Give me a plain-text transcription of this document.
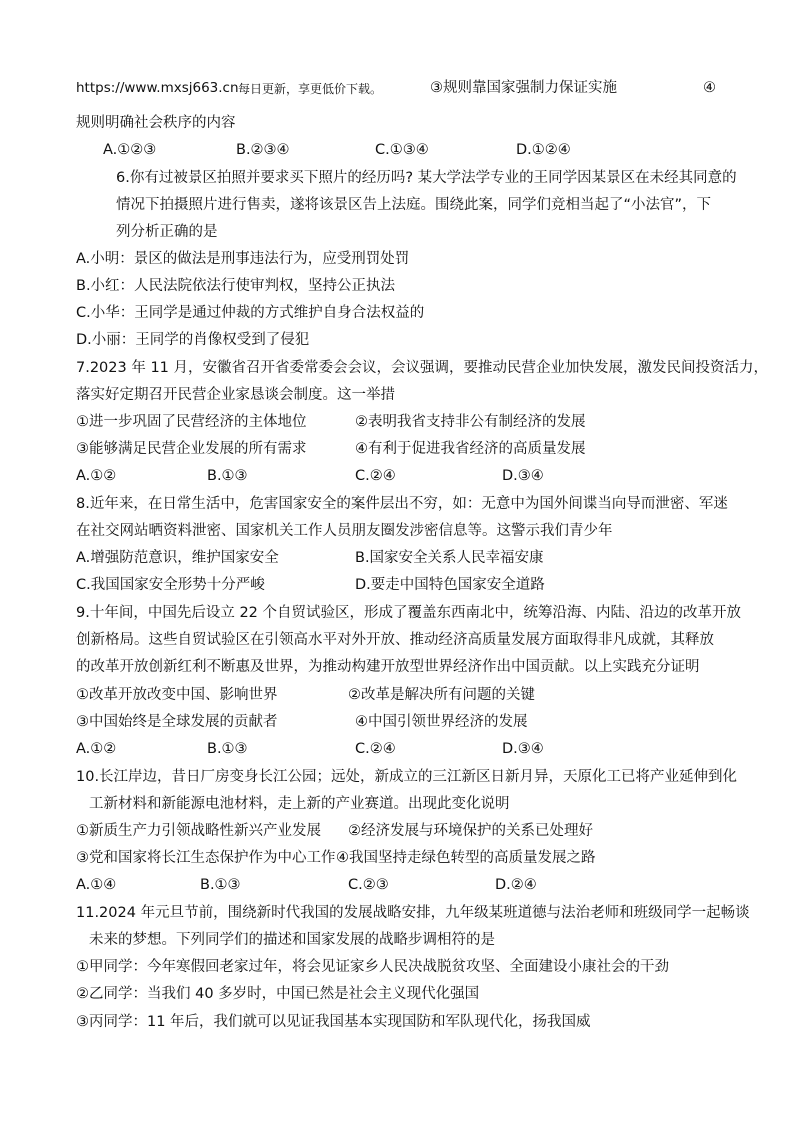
https://www.mxsj663.cn 每日更新，享更低价下载。	③规则靠国家强制力保证实施	④
规则明确社会秩序的内容
A.①②③	B.②③④	C.①③④	D.①②④
6.你有过被景区拍照并要求买下照片的经历吗? 某大学法学专业的王同学因某景区在未经其同意的
情况下拍摄照片进行售卖，遂将该景区告上法庭。围绕此案，同学们竞相当起了“小法官”，下
列分析正确的是
A.小明：景区的做法是刑事违法行为，应受刑罚处罚
B.小红：人民法院依法行使审判权，坚持公正执法
C.小华：王同学是通过仲裁的方式维护自身合法权益的
D.小丽：王同学的肖像权受到了侵犯
7.2023 年 11 月，安徽省召开省委常委会会议，会议强调，要推动民营企业加快发展，激发民间投资活力，
落实好定期召开民营企业家恳谈会制度。这一举措
①进一步巩固了民营经济的主体地位	②表明我省支持非公有制经济的发展
③能够满足民营企业发展的所有需求	④有利于促进我省经济的高质量发展
A.①②	B.①③	C.②④	D.③④
8.近年来，在日常生活中，危害国家安全的案件层出不穷，如：无意中为国外间谍当向导而泄密、军迷
在社交网站晒资料泄密、国家机关工作人员朋友圈发涉密信息等。这警示我们青少年
A.增强防范意识，维护国家安全	B.国家安全关系人民幸福安康
C.我国国家安全形势十分严峻	D.要走中国特色国家安全道路
9.十年间，中国先后设立 22 个自贸试验区，形成了覆盖东西南北中，统筹沿海、内陆、沿边的改革开放
创新格局。这些自贸试验区在引领高水平对外开放、推动经济高质量发展方面取得非凡成就，其释放
的改革开放创新红利不断惠及世界，为推动构建开放型世界经济作出中国贡献。以上实践充分证明
①改革开放改变中国、影响世界	②改革是解决所有问题的关键
③中国始终是全球发展的贡献者	④中国引领世界经济的发展
A.①②	B.①③	C.②④	D.③④
10.长江岸边，昔日厂房变身长江公园；远处，新成立的三江新区日新月异，天原化工已将产业延伸到化
工新材料和新能源电池材料，走上新的产业赛道。出现此变化说明
①新质生产力引领战略性新兴产业发展 ②经济发展与环境保护的关系已处理好
③党和国家将长江生态保护作为中心工作 ④我国坚持走绿色转型的高质量发展之路
A.①④	B.①③	C.②③	D.②④
11.2024 年元旦节前，围绕新时代我国的发展战略安排，九年级某班道德与法治老师和班级同学一起畅谈
未来的梦想。下列同学们的描述和国家发展的战略步调相符的是
①甲同学：今年寒假回老家过年，将会见证家乡人民决战脱贫攻坚、全面建设小康社会的干劲
②乙同学：当我们 40 多岁时，中国已然是社会主义现代化强国
③丙同学：11 年后，我们就可以见证我国基本实现国防和军队现代化，扬我国威
